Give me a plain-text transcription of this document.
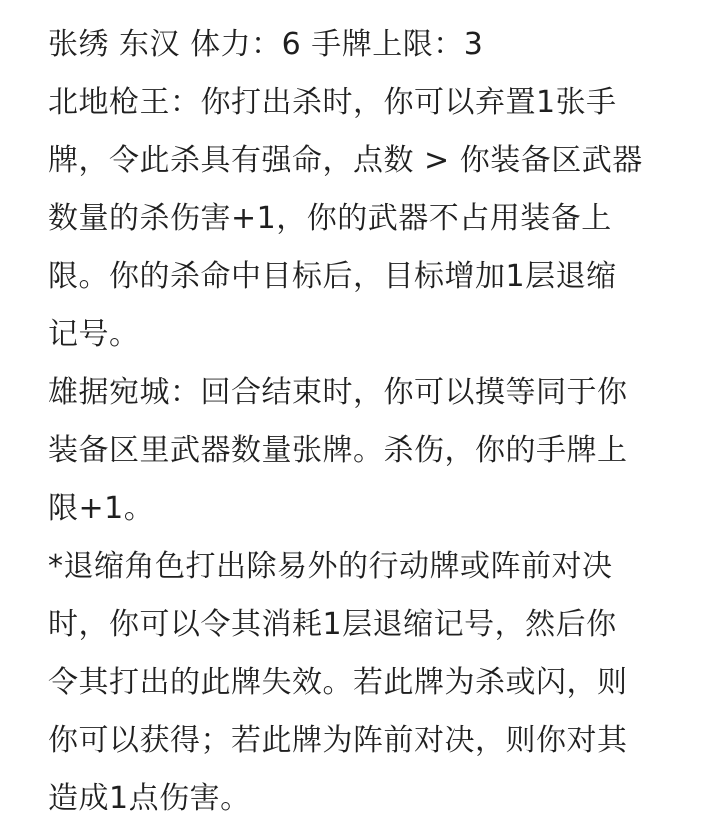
张绣 东汉 体力：6 手牌上限：3
北地枪王：你打出杀时，你可以弃置1张手
牌，令此杀具有强命，点数 > 你装备区武器
数量的杀伤害+1，你的武器不占用装备上
限。你的杀命中目标后，目标增加1层退缩
记号。
雄据宛城：回合结束时，你可以摸等同于你
装备区里武器数量张牌。杀伤，你的手牌上
限+1。
*退缩角色打出除易外的行动牌或阵前对决
时，你可以令其消耗1层退缩记号，然后你
令其打出的此牌失效。若此牌为杀或闪，则
你可以获得；若此牌为阵前对决，则你对其
造成1点伤害。
